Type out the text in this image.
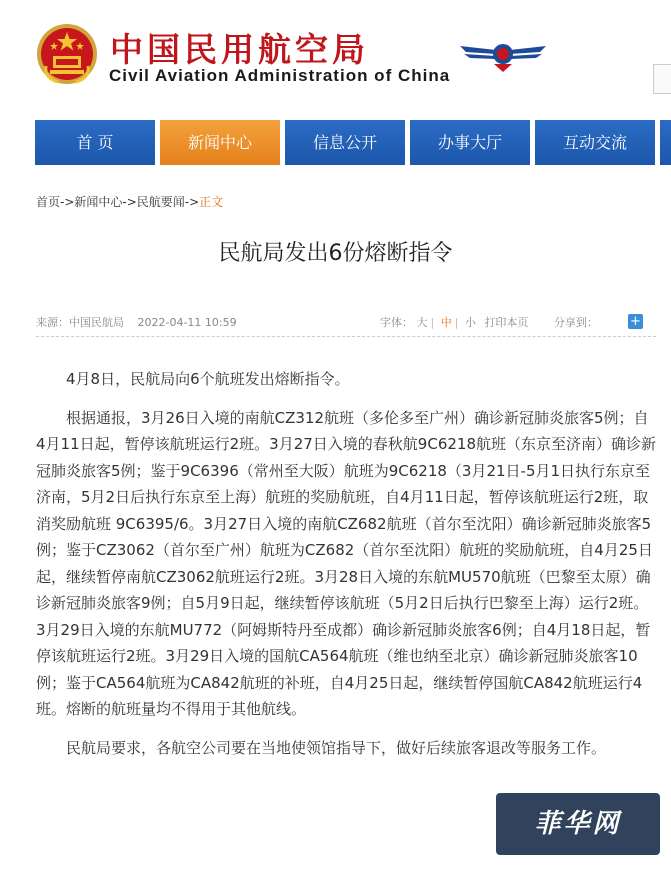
中国民用航空局
Civil Aviation Administration of China
首 页	新闻中心	信息公开	办事大厅	互动交流
首页->新闻中心->民航要闻->正文
民航局发出6份熔断指令
来源：中国民航局 2022-04-11 10:59	字体： 大 | 中 | 小 打印本页 分享到： +

4月8日，民航局向6个航班发出熔断指令。

根据通报，3月26日入境的南航CZ312航班（多伦多至广州）确诊新冠肺炎旅客5例；自4月11日起，暂停该航班运行2班。3月27日入境的春秋航9C6218航班（东京至济南）确诊新冠肺炎旅客5例；鉴于9C6396（常州至大阪）航班为9C6218（3月21日-5月1日执行东京至济南，5月2日后执行东京至上海）航班的奖励航班，自4月11日起，暂停该航班运行2班，取消奖励航班 9C6395/6。3月27日入境的南航CZ682航班（首尔至沈阳）确诊新冠肺炎旅客5例；鉴于CZ3062（首尔至广州）航班为CZ682（首尔至沈阳）航班的奖励航班，自4月25日起，继续暂停南航CZ3062航班运行2班。3月28日入境的东航MU570航班（巴黎至太原）确诊新冠肺炎旅客9例；自5月9日起，继续暂停该航班（5月2日后执行巴黎至上海）运行2班。3月29日入境的东航MU772（阿姆斯特丹至成都）确诊新冠肺炎旅客6例；自4月18日起，暂停该航班运行2班。3月29日入境的国航CA564航班（维也纳至北京）确诊新冠肺炎旅客10例；鉴于CA564航班为CA842航班的补班，自4月25日起，继续暂停国航CA842航班运行4班。熔断的航班量均不得用于其他航线。

民航局要求，各航空公司要在当地使领馆指导下，做好后续旅客退改等服务工作。

菲华网
